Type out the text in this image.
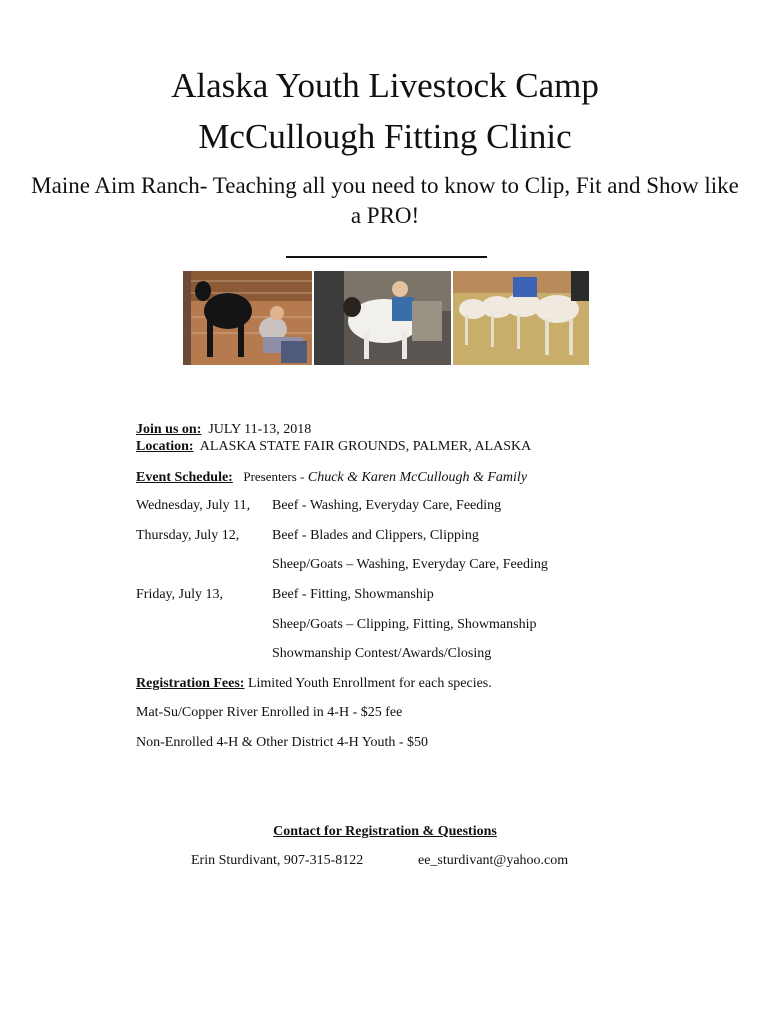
Alaska Youth Livestock Camp
McCullough Fitting Clinic
Maine Aim Ranch- Teaching all you need to know to Clip, Fit and Show like a PRO!
Join us on: JULY 11-13, 2018
Location: ALASKA STATE FAIR GROUNDS, PALMER, ALASKA
Event Schedule: Presenters - Chuck & Karen McCullough & Family
Wednesday, July 11, Beef - Washing, Everyday Care, Feeding
Thursday, July 12, Beef - Blades and Clippers, Clipping
Sheep/Goats – Washing, Everyday Care, Feeding
Friday, July 13,	Beef - Fitting, Showmanship
Sheep/Goats – Clipping, Fitting, Showmanship
Showmanship Contest/Awards/Closing
Registration Fees: Limited Youth Enrollment for each species.
Mat-Su/Copper River Enrolled in 4-H - $25 fee
Non-Enrolled 4-H & Other District 4-H Youth - $50
Contact for Registration & Questions
Erin Sturdivant, 907-315-8122	ee_sturdivant@yahoo.com
